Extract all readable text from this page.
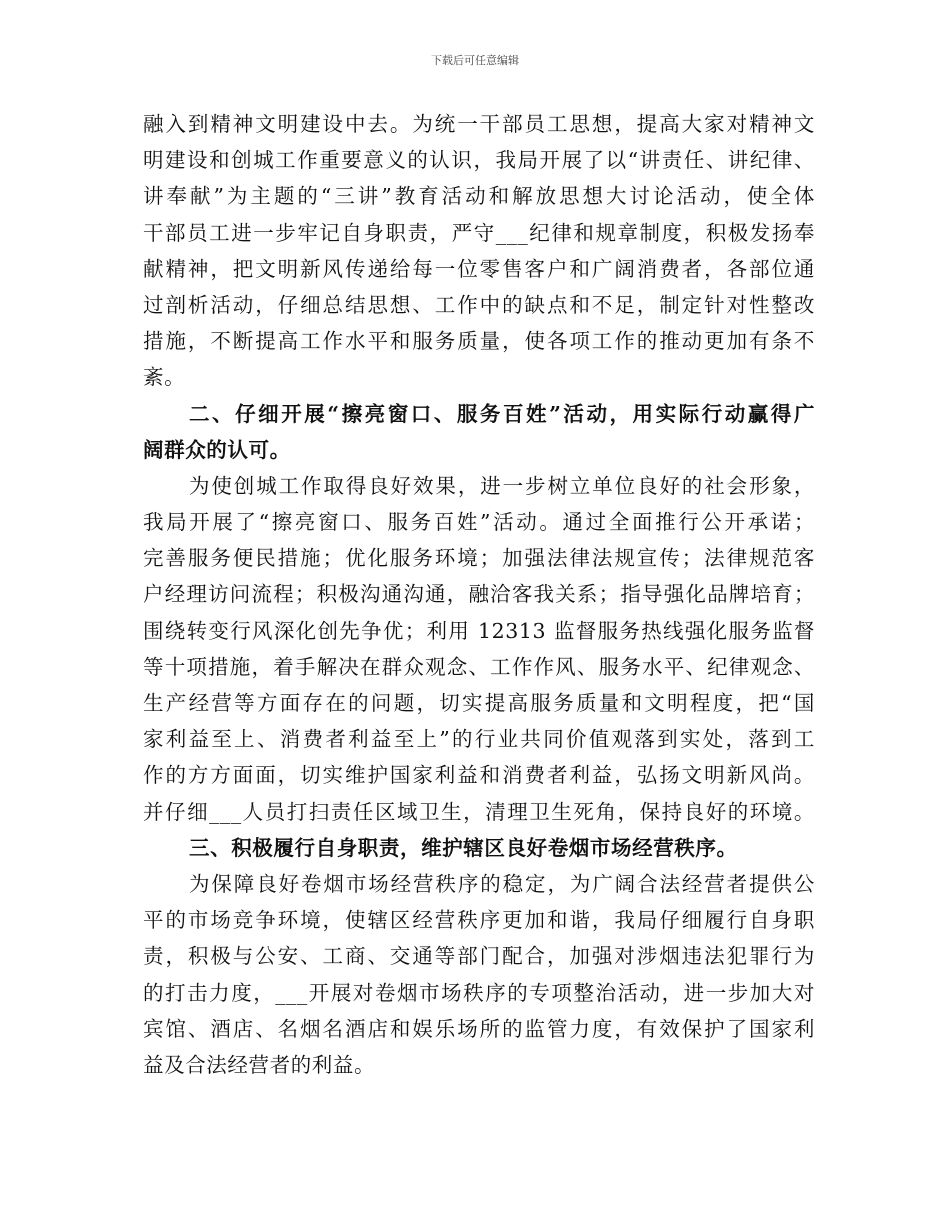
下载后可任意编辑
融入到精神文明建设中去。为统一干部员工思想，提高大家对精神文
明建设和创城工作重要意义的认识，我局开展了以“讲责任、讲纪律、
讲奉献”为主题的“三讲”教育活动和解放思想大讨论活动，使全体
干部员工进一步牢记自身职责，严守___纪律和规章制度，积极发扬奉
献精神，把文明新风传递给每一位零售客户和广阔消费者，各部位通
过剖析活动，仔细总结思想、工作中的缺点和不足，制定针对性整改
措施，不断提高工作水平和服务质量，使各项工作的推动更加有条不
紊。
二、仔细开展“擦亮窗口、服务百姓”活动，用实际行动赢得广
阔群众的认可。
为使创城工作取得良好效果，进一步树立单位良好的社会形象，
我局开展了“擦亮窗口、服务百姓”活动。通过全面推行公开承诺；
完善服务便民措施；优化服务环境；加强法律法规宣传；法律规范客
户经理访问流程；积极沟通沟通，融洽客我关系；指导强化品牌培育；
围绕转变行风深化创先争优；利用 12313 监督服务热线强化服务监督
等十项措施，着手解决在群众观念、工作作风、服务水平、纪律观念、
生产经营等方面存在的问题，切实提高服务质量和文明程度，把“国
家利益至上、消费者利益至上”的行业共同价值观落到实处，落到工
作的方方面面，切实维护国家利益和消费者利益，弘扬文明新风尚。
并仔细___人员打扫责任区域卫生，清理卫生死角，保持良好的环境。
三、积极履行自身职责，维护辖区良好卷烟市场经营秩序。
为保障良好卷烟市场经营秩序的稳定，为广阔合法经营者提供公
平的市场竞争环境，使辖区经营秩序更加和谐，我局仔细履行自身职
责，积极与公安、工商、交通等部门配合，加强对涉烟违法犯罪行为
的打击力度，___开展对卷烟市场秩序的专项整治活动，进一步加大对
宾馆、酒店、名烟名酒店和娱乐场所的监管力度，有效保护了国家利
益及合法经营者的利益。
